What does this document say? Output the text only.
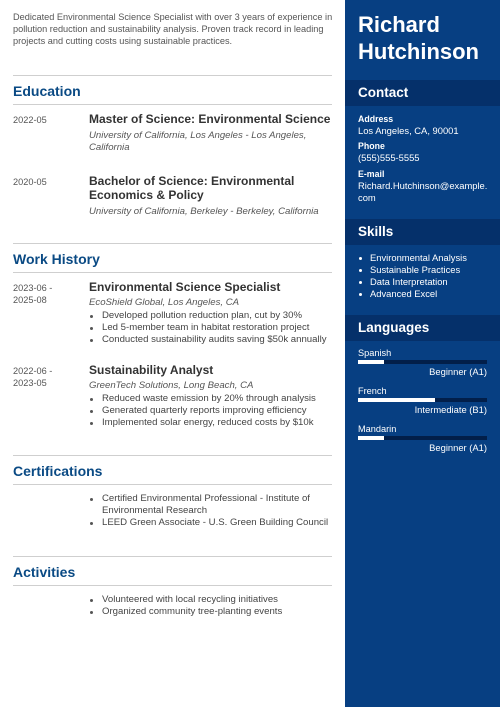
Dedicated Environmental Science Specialist with over 3 years of experience in pollution reduction and sustainability analysis. Proven track record in leading projects and cutting costs using sustainable practices.

Education
2022-05	Master of Science: Environmental Science
University of California, Los Angeles - Los Angeles, California
2020-05	Bachelor of Science: Environmental Economics & Policy
University of California, Berkeley - Berkeley, California
Work History
2023-06 -
2025-08
Environmental Science Specialist
EcoShield Global, Los Angeles, CA
Developed pollution reduction plan, cut by 30%
Led 5-member team in habitat restoration project
Conducted sustainability audits saving $50k annually
2022-06 -
2023-05
Sustainability Analyst
GreenTech Solutions, Long Beach, CA
Reduced waste emission by 20% through analysis
Generated quarterly reports improving efficiency
Implemented solar energy, reduced costs by $10k
Certifications
Certified Environmental Professional - Institute of Environmental Research
LEED Green Associate - U.S. Green Building Council
Activities
Volunteered with local recycling initiatives
Organized community tree-planting events
Richard
Hutchinson
Contact
Address
Los Angeles, CA, 90001
Phone
(555)555-5555
E-mail
Richard.Hutchinson@example.com
Skills
Environmental Analysis
Sustainable Practices
Data Interpretation
Advanced Excel
Languages
Spanish
Beginner (A1)
French
Intermediate (B1)
Mandarin
Beginner (A1)
